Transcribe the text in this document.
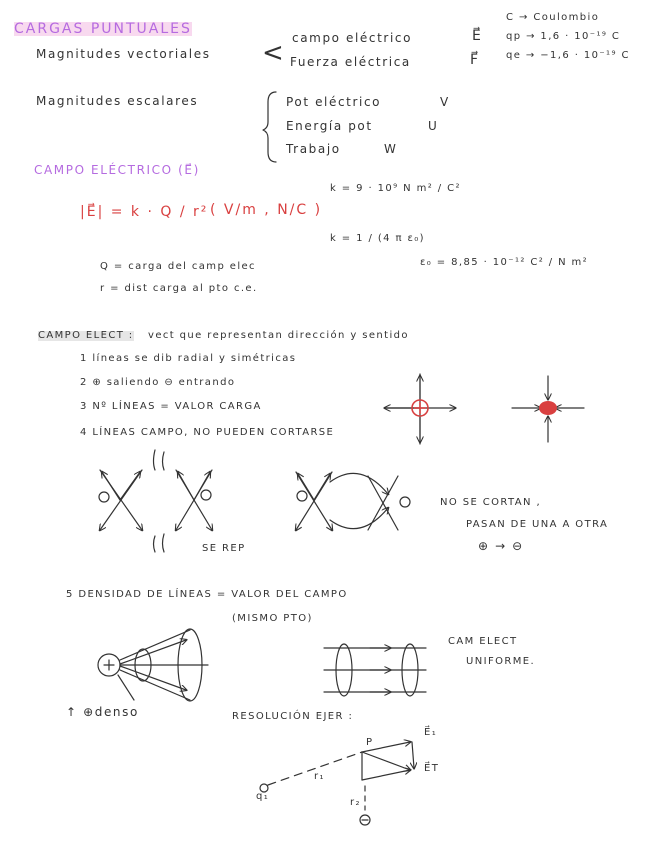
CARGAS PUNTUALES
Magnitudes vectoriales < campo eléctrico	E⃗
Fuerza eléctrica	F⃗
C → Coulombio
qp → 1,6 · 10⁻¹⁹ C
qe → −1,6 · 10⁻¹⁹ C
Magnitudes escalares	Pot eléctrico	V
Energía pot	U
Trabajo	W
CAMPO ELÉCTRICO (E⃗)
|E⃗| = k · Q / r² ( V/m , N/C )
k = 9 · 10⁹ N m² / C²
k = 1 / (4 π ε₀)
Q = carga del camp elec
r = dist carga al pto c.e.
ε₀ = 8,85 · 10⁻¹² C² / N m²
CAMPO ELECT : vect que representan dirección y sentido
1 líneas se dib radial y simétricas
2 ⊕ saliendo ⊖ entrando
3 Nº LÍNEAS = VALOR CARGA
4 LÍNEAS CAMPO, NO PUEDEN CORTARSE
SE REP
NO SE CORTAN ,
PASAN DE UNA A OTRA
⊕ → ⊖
5 DENSIDAD DE LÍNEAS = VALOR DEL CAMPO
(MISMO PTO)
CAM ELECT
UNIFORME.
↑ ⊕denso	RESOLUCIÓN EJER :
P
E⃗₁
E⃗T
q₁
r₁
r₂
